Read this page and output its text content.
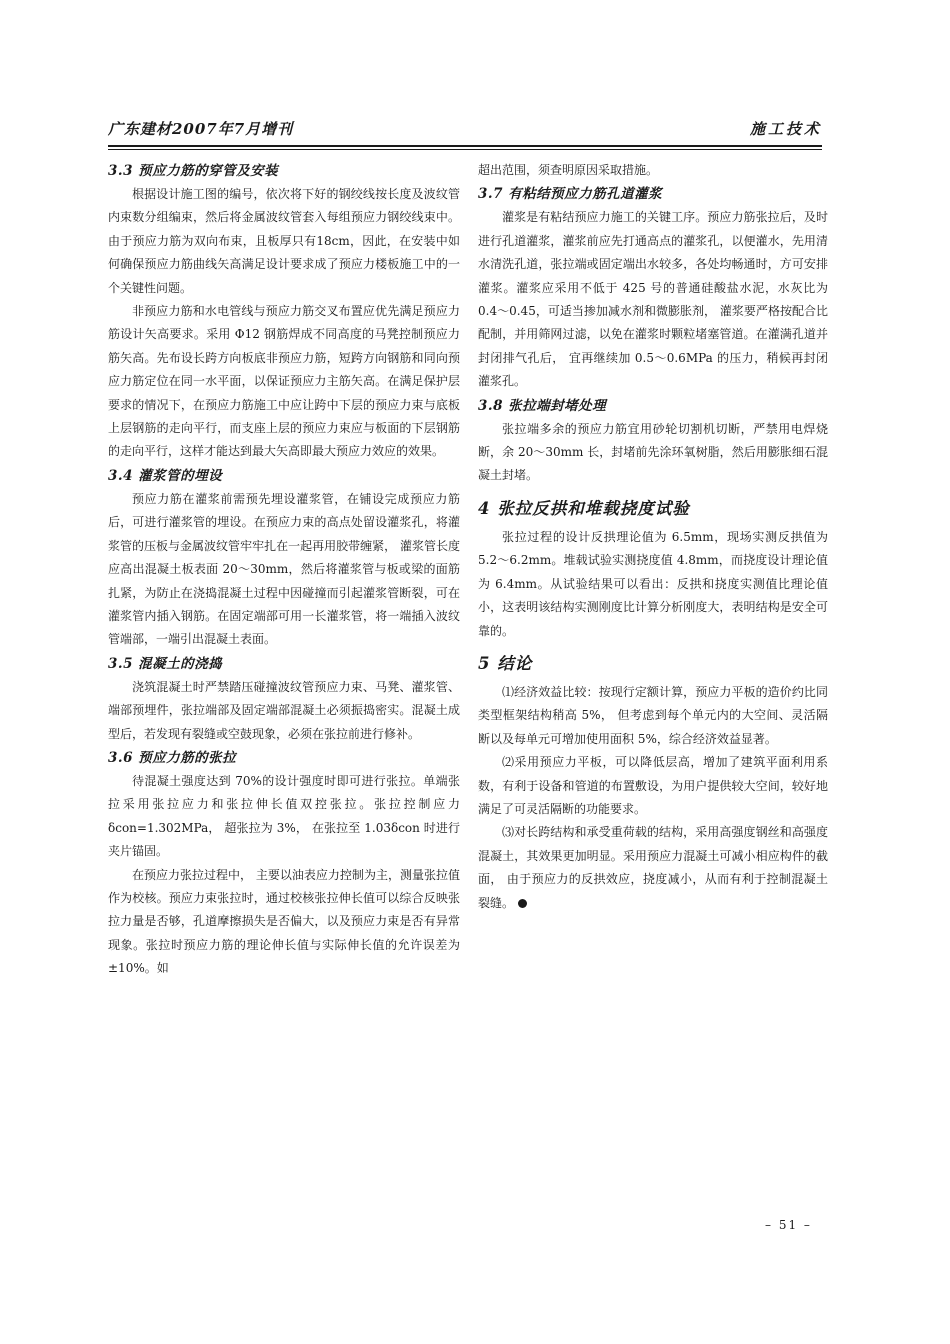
广东建材2007年7月增刊	施工技术
3.3 预应力筋的穿管及安装

根据设计施工图的编号，依次将下好的钢绞线按长度及波纹管内束数分组编束，然后将金属波纹管套入每组预应力钢绞线束中。由于预应力筋为双向布束，且板厚只有18cm，因此，在安装中如何确保预应力筋曲线矢高满足设计要求成了预应力楼板施工中的一个关键性问题。

非预应力筋和水电管线与预应力筋交叉布置应优先满足预应力筋设计矢高要求。采用 Φ12 钢筋焊成不同高度的马凳控制预应力筋矢高。先布设长跨方向板底非预应力筋，短跨方向钢筋和同向预应力筋定位在同一水平面，以保证预应力主筋矢高。在满足保护层要求的情况下，在预应力筋施工中应让跨中下层的预应力束与底板上层钢筋的走向平行，而支座上层的预应力束应与板面的下层钢筋的走向平行，这样才能达到最大矢高即最大预应力效应的效果。

3.4 灌浆管的埋设

预应力筋在灌浆前需预先埋设灌浆管，在铺设完成预应力筋后，可进行灌浆管的埋设。在预应力束的高点处留设灌浆孔，将灌浆管的压板与金属波纹管牢牢扎在一起再用胶带缠紧， 灌浆管长度应高出混凝土板表面 20～30mm，然后将灌浆管与板或梁的面筋扎紧，为防止在浇捣混凝土过程中因碰撞而引起灌浆管断裂，可在灌浆管内插入钢筋。在固定端部可用一长灌浆管，将一端插入波纹管端部，一端引出混凝土表面。

3.5 混凝土的浇捣

浇筑混凝土时严禁踏压碰撞波纹管预应力束、马凳、灌浆管、端部预埋件，张拉端部及固定端部混凝土必须振捣密实。混凝土成型后，若发现有裂缝或空鼓现象，必须在张拉前进行修补。

3.6 预应力筋的张拉

待混凝土强度达到 70%的设计强度时即可进行张拉。单端张拉采用张拉应力和张拉伸长值双控张拉。张拉控制应力 δcon=1.302MPa， 超张拉为 3%， 在张拉至 1.03δcon 时进行夹片锚固。

在预应力张拉过程中， 主要以油表应力控制为主，测量张拉值作为校核。预应力束张拉时，通过校核张拉伸长值可以综合反映张拉力量是否够，孔道摩擦损失是否偏大，以及预应力束是否有异常现象。张拉时预应力筋的理论伸长值与实际伸长值的允许误差为±10%。如

超出范围，须查明原因采取措施。

3.7 有粘结预应力筋孔道灌浆

灌浆是有粘结预应力施工的关键工序。预应力筋张拉后，及时进行孔道灌浆，灌浆前应先打通高点的灌浆孔，以便灌水，先用清水清洗孔道，张拉端或固定端出水较多，各处均畅通时，方可安排灌浆。灌浆应采用不低于 425 号的普通硅酸盐水泥，水灰比为 0.4～0.45，可适当掺加减水剂和微膨胀剂， 灌浆要严格按配合比配制，并用筛网过滤，以免在灌浆时颗粒堵塞管道。在灌满孔道并封闭排气孔后， 宜再继续加 0.5～0.6MPa 的压力，稍候再封闭灌浆孔。

3.8 张拉端封堵处理

张拉端多余的预应力筋宜用砂轮切割机切断，严禁用电焊烧断，余 20～30mm 长，封堵前先涂环氧树脂，然后用膨胀细石混凝土封堵。

4 张拉反拱和堆载挠度试验

张拉过程的设计反拱理论值为 6.5mm，现场实测反拱值为 5.2～6.2mm。堆载试验实测挠度值 4.8mm，而挠度设计理论值为 6.4mm。从试验结果可以看出：反拱和挠度实测值比理论值小，这表明该结构实测刚度比计算分析刚度大，表明结构是安全可靠的。

5 结论

⑴经济效益比较：按现行定额计算，预应力平板的造价约比同类型框架结构稍高 5%， 但考虑到每个单元内的大空间、灵活隔断以及每单元可增加使用面积 5%，综合经济效益显著。

⑵采用预应力平板，可以降低层高，增加了建筑平面利用系数，有利于设备和管道的布置敷设，为用户提供较大空间，较好地满足了可灵活隔断的功能要求。

⑶对长跨结构和承受重荷载的结构，采用高强度钢丝和高强度混凝土，其效果更加明显。采用预应力混凝土可减小相应构件的截面， 由于预应力的反拱效应，挠度减小，从而有利于控制混凝土裂缝。

– 51 –
